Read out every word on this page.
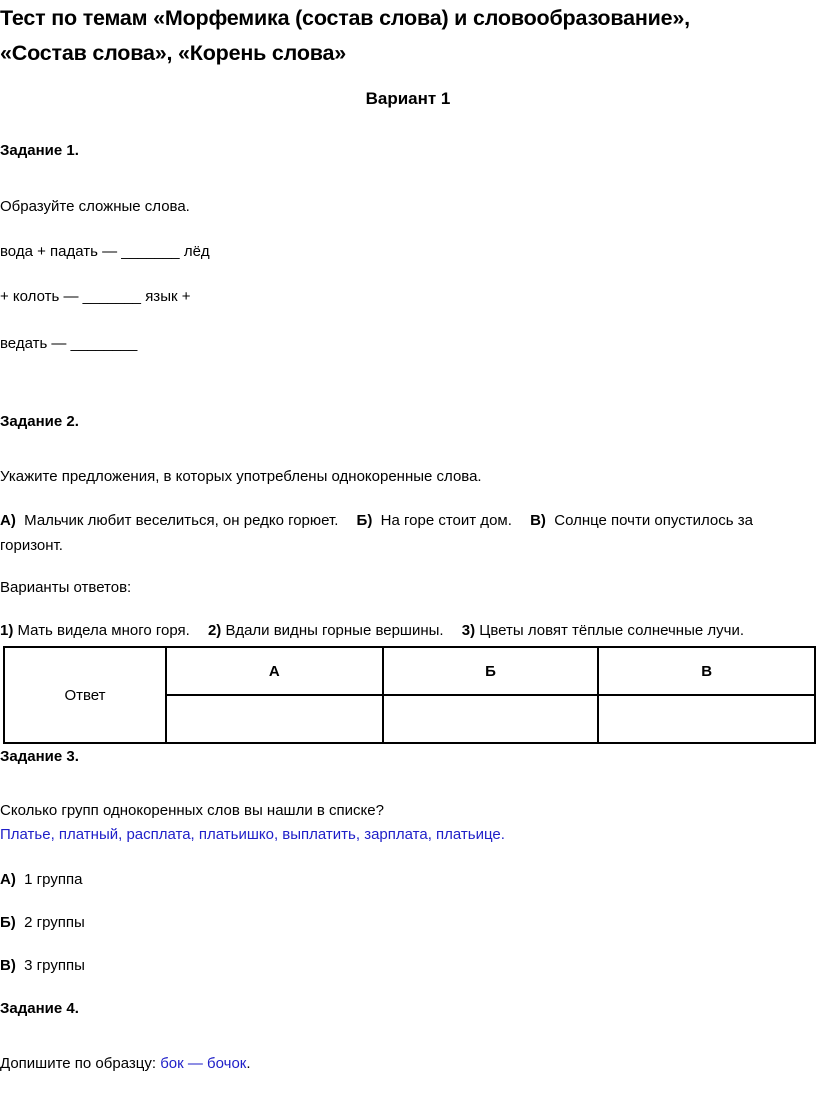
Тест по темам «Морфемика (состав слова) и словообразование»,
«Состав слова», «Корень слова»
Вариант 1
Задание 1.
Образуйте сложные слова.
вода + падать — _______ лёд
+ колоть — _______ язык +
ведать — ________
Задание 2.
Укажите предложения, в которых употреблены однокоренные слова.
А) Мальчик любит веселиться, он редко горюет. Б) На горе стоит дом. В) Солнце почти опустилось за
горизонт.
Варианты ответов:
1) Мать видела много горя. 2) Вдали видны горные вершины. 3) Цветы ловят тёплые солнечные лучи.
Ответ	А	Б	В

Задание 3.
Сколько групп однокоренных слов вы нашли в списке?
Платье, платный, расплата, платьишко, выплатить, зарплата, платьице.
А) 1 группа
Б) 2 группы
В) 3 группы
Задание 4.
Допишите по образцу: бок — бочок.
